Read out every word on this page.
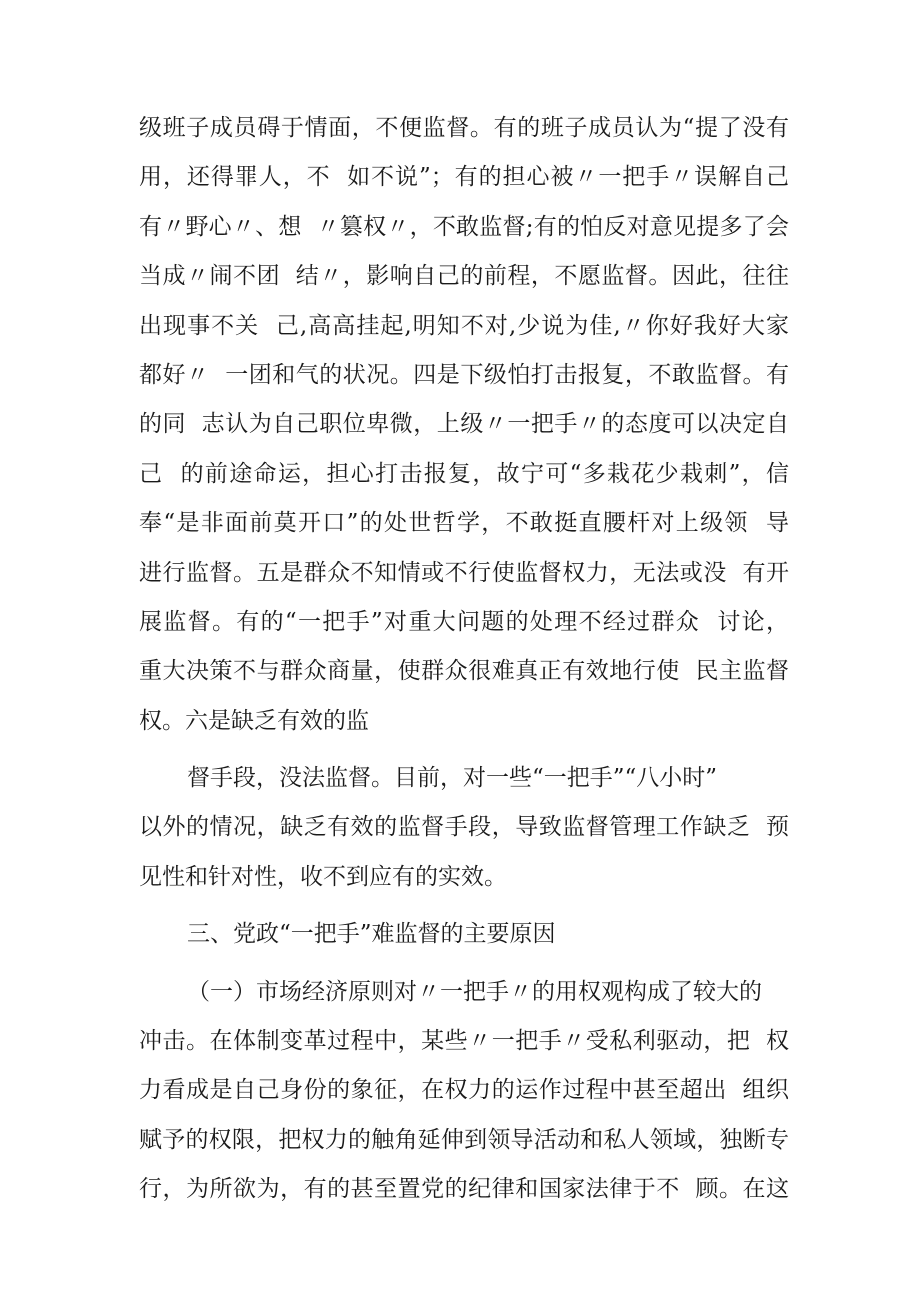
级班子成员碍于情面，不便监督。有的班子成员认为“提了没有
用，还得罪人，不  如不说”；有的担心被〃一把手〃误解自己
有〃野心〃、想  〃篡权〃，不敢监督;有的怕反对意见提多了会
当成〃闹不团  结〃，影响自己的前程，不愿监督。因此，往往
出现事不关  己,高高挂起,明知不对,少说为佳,〃你好我好大家
都好〃  一团和气的状况。四是下级怕打击报复，不敢监督。有
的同  志认为自己职位卑微，上级〃一把手〃的态度可以决定自
己  的前途命运，担心打击报复，故宁可“多栽花少栽刺”，信
奉“是非面前莫开口”的处世哲学，不敢挺直腰杆对上级领  导
进行监督。五是群众不知情或不行使监督权力，无法或没  有开
展监督。有的“一把手”对重大问题的处理不经过群众  讨论，
重大决策不与群众商量，使群众很难真正有效地行使  民主监督
权。六是缺乏有效的监
督手段，没法监督。目前，对一些“一把手”“八小时”
以外的情况，缺乏有效的监督手段，导致监督管理工作缺乏  预
见性和针对性，收不到应有的实效。
三、党政“一把手”难监督的主要原因
（一）市场经济原则对〃一把手〃的用权观构成了较大的
冲击。在体制变革过程中，某些〃一把手〃受私利驱动，把  权
力看成是自己身份的象征，在权力的运作过程中甚至超出  组织
赋予的权限，把权力的触角延伸到领导活动和私人领域，独断专
行，为所欲为，有的甚至置党的纪律和国家法律于不  顾。在这
